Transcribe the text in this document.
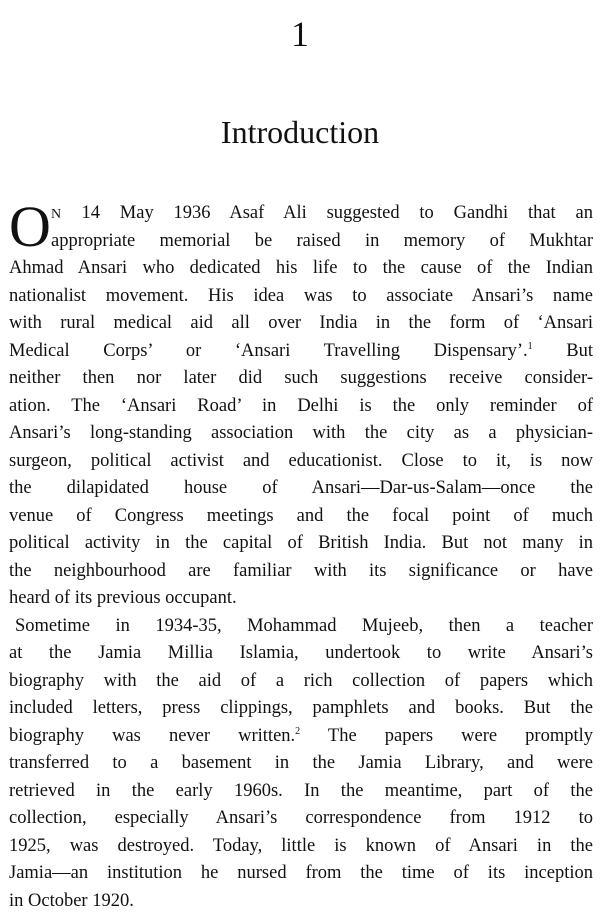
1
Introduction
O N 14 May 1936 Asaf Ali suggested to Gandhi that an
appropriate memorial be raised in memory of Mukhtar
Ahmad Ansari who dedicated his life to the cause of the Indian
nationalist movement. His idea was to associate Ansari’s name
with rural medical aid all over India in the form of ‘Ansari
Medical Corps’ or ‘Ansari Travelling Dispensary’.$^1$ But
neither then nor later did such suggestions receive consider-
ation. The ‘Ansari Road’ in Delhi is the only reminder of
Ansari’s long-standing association with the city as a physician-
surgeon, political activist and educationist. Close to it, is now
the dilapidated house of Ansari—Dar-us-Salam—once the
venue of Congress meetings and the focal point of much
political activity in the capital of British India. But not many in
the neighbourhood are familiar with its significance or have
heard of its previous occupant.
Sometime in 1934-35, Mohammad Mujeeb, then a teacher
at the Jamia Millia Islamia, undertook to write Ansari’s
biography with the aid of a rich collection of papers which
included letters, press clippings, pamphlets and books. But the
biography was never written.$^2$ The papers were promptly
transferred to a basement in the Jamia Library, and were
retrieved in the early 1960s. In the meantime, part of the
collection, especially Ansari’s correspondence from 1912 to
1925, was destroyed. Today, little is known of Ansari in the
Jamia—an institution he nursed from the time of its inception
in October 1920.
